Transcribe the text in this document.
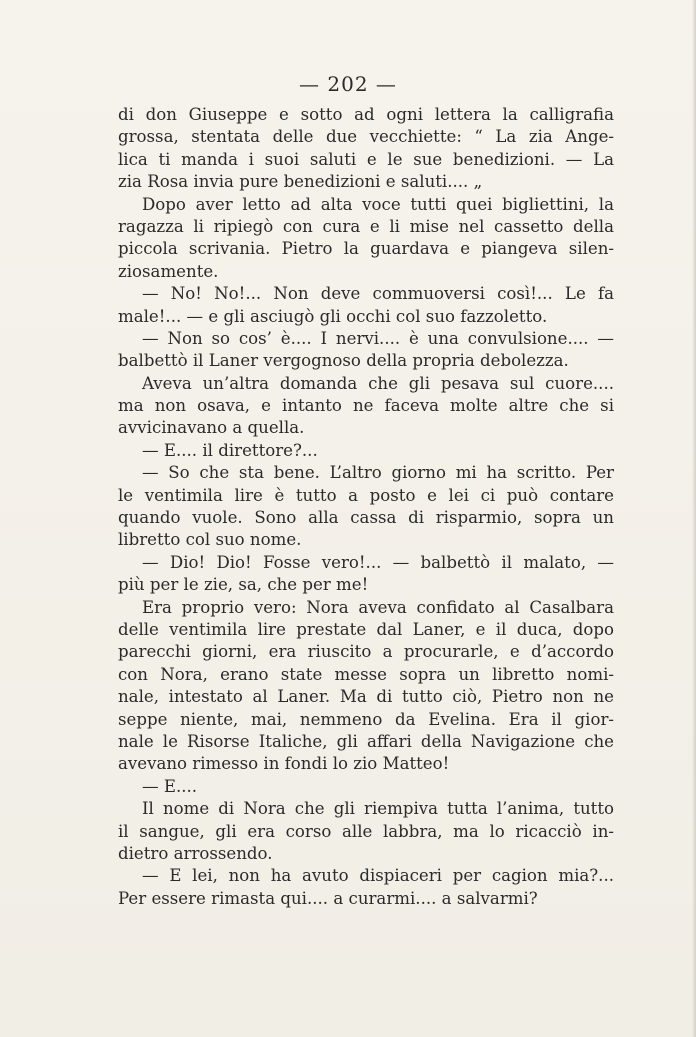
— 202 —
di don Giuseppe e sotto ad ogni lettera la calligrafia
grossa, stentata delle due vecchiette: “ La zia Ange-
lica ti manda i suoi saluti e le sue benedizioni. — La
zia Rosa invia pure benedizioni e saluti.... „
Dopo aver letto ad alta voce tutti quei bigliettini, la
ragazza li ripiegò con cura e li mise nel cassetto della
piccola scrivania. Pietro la guardava e piangeva silen-
ziosamente.
— No! No!... Non deve commuoversi così!... Le fa
male!... — e gli asciugò gli occhi col suo fazzoletto.
— Non so cos’ è.... I nervi.... è una convulsione.... —
balbettò il Laner vergognoso della propria debolezza.
Aveva un’altra domanda che gli pesava sul cuore....
ma non osava, e intanto ne faceva molte altre che si
avvicinavano a quella.
— E.... il direttore?...
— So che sta bene. L’altro giorno mi ha scritto. Per
le ventimila lire è tutto a posto e lei ci può contare
quando vuole. Sono alla cassa di risparmio, sopra un
libretto col suo nome.
— Dio! Dio! Fosse vero!... — balbettò il malato, —
più per le zie, sa, che per me!
Era proprio vero: Nora aveva confidato al Casalbara
delle ventimila lire prestate dal Laner, e il duca, dopo
parecchi giorni, era riuscito a procurarle, e d’accordo
con Nora, erano state messe sopra un libretto nomi-
nale, intestato al Laner. Ma di tutto ciò, Pietro non ne
seppe niente, mai, nemmeno da Evelina. Era il gior-
nale le Risorse Italiche, gli affari della Navigazione che
avevano rimesso in fondi lo zio Matteo!
— E....
Il nome di Nora che gli riempiva tutta l’anima, tutto
il sangue, gli era corso alle labbra, ma lo ricacciò in-
dietro arrossendo.
— E lei, non ha avuto dispiaceri per cagion mia?...
Per essere rimasta qui.... a curarmi.... a salvarmi?
